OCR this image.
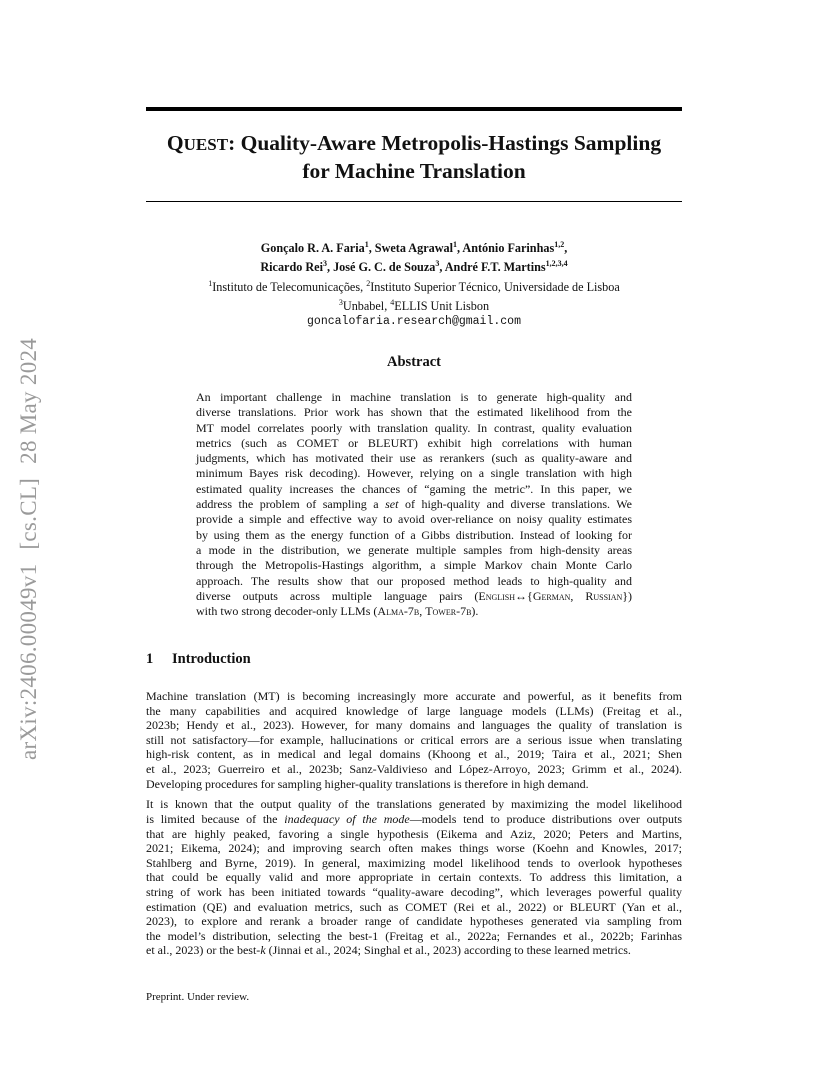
arXiv:2406.00049v1[cs.CL]28 May 2024
QUEST: Quality-Aware Metropolis-Hastings Sampling
for Machine Translation
Gonçalo R. A. Faria$^1$, Sweta Agrawal$^1$, António Farinhas$^{1,2}$,
Ricardo Rei$^3$, José G. C. de Souza$^3$, André F.T. Martins$^{1,2,3,4}$
$^1$Instituto de Telecomunicações, $^2$Instituto Superior Técnico, Universidade de Lisboa
$^3$Unbabel, $^4$ELLIS Unit Lisbon
goncalofaria.research@gmail.com
Abstract
An important challenge in machine translation is to generate high-quality and
diverse translations. Prior work has shown that the estimated likelihood from the
MT model correlates poorly with translation quality. In contrast, quality evaluation
metrics (such as COMET or BLEURT) exhibit high correlations with human
judgments, which has motivated their use as rerankers (such as quality-aware and
minimum Bayes risk decoding). However, relying on a single translation with high
estimated quality increases the chances of “gaming the metric”. In this paper, we
address the problem of sampling a set of high-quality and diverse translations. We
provide a simple and effective way to avoid over-reliance on noisy quality estimates
by using them as the energy function of a Gibbs distribution. Instead of looking for
a mode in the distribution, we generate multiple samples from high-density areas
through the Metropolis-Hastings algorithm, a simple Markov chain Monte Carlo
approach. The results show that our proposed method leads to high-quality and
diverse outputs across multiple language pairs (English↔{German, Russian})
with two strong decoder-only LLMs (Alma-7b, Tower-7b).
1 Introduction

Machine translation (MT) is becoming increasingly more accurate and powerful, as it benefits from
the many capabilities and acquired knowledge of large language models (LLMs) (Freitag et al.,
2023b; Hendy et al., 2023). However, for many domains and languages the quality of translation is
still not satisfactory—for example, hallucinations or critical errors are a serious issue when translating
high-risk content, as in medical and legal domains (Khoong et al., 2019; Taira et al., 2021; Shen
et al., 2023; Guerreiro et al., 2023b; Sanz-Valdivieso and López-Arroyo, 2023; Grimm et al., 2024).
Developing procedures for sampling higher-quality translations is therefore in high demand.

It is known that the output quality of the translations generated by maximizing the model likelihood
is limited because of the inadequacy of the mode—models tend to produce distributions over outputs
that are highly peaked, favoring a single hypothesis (Eikema and Aziz, 2020; Peters and Martins,
2021; Eikema, 2024); and improving search often makes things worse (Koehn and Knowles, 2017;
Stahlberg and Byrne, 2019). In general, maximizing model likelihood tends to overlook hypotheses
that could be equally valid and more appropriate in certain contexts. To address this limitation, a
string of work has been initiated towards “quality-aware decoding”, which leverages powerful quality
estimation (QE) and evaluation metrics, such as COMET (Rei et al., 2022) or BLEURT (Yan et al.,
2023), to explore and rerank a broader range of candidate hypotheses generated via sampling from
the model’s distribution, selecting the best-1 (Freitag et al., 2022a; Fernandes et al., 2022b; Farinhas
et al., 2023) or the best-k (Jinnai et al., 2024; Singhal et al., 2023) according to these learned metrics.

Preprint. Under review.
